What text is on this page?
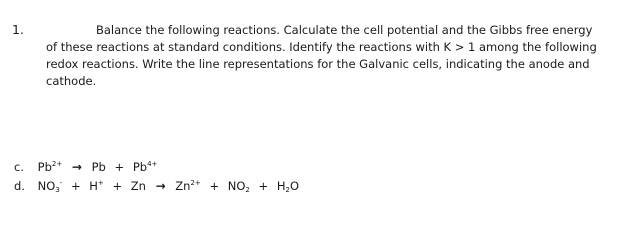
1.	Balance the following reactions. Calculate the cell potential and the Gibbs free energy
of these reactions at standard conditions. Identify the reactions with K > 1 among the following redox reactions. Write the line representations for the Galvanic cells, indicating the anode and cathode.
c. $Pb^{2+} \to Pb + Pb^{4+}$
d. $NO_3^- + H^+ + Zn \to Zn^{2+} + NO_2 + H_2O$
